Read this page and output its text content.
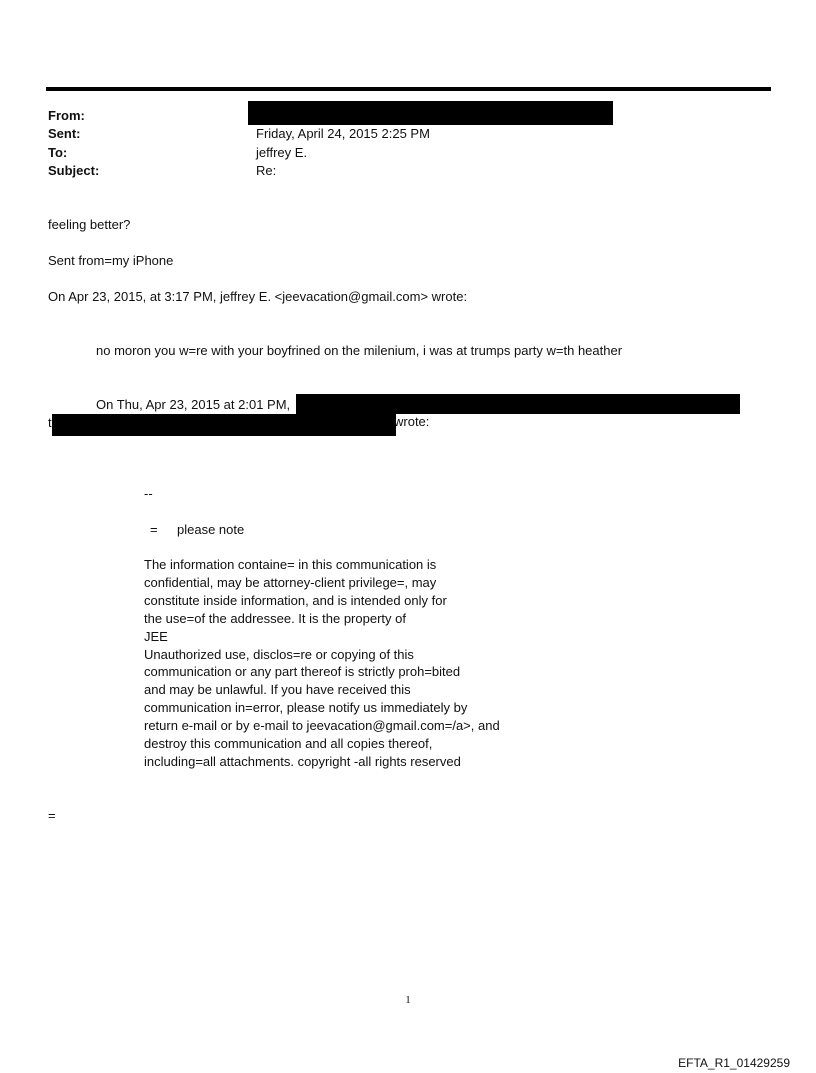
From:
Sent:	Friday, April 24, 2015 2:25 PM
To:	jeffrey E.
Subject:	Re:
feeling better?
Sent from=my iPhone
On Apr 23, 2015, at 3:17 PM, jeffrey E. <jeevacation@gmail.com> wrote:
no moron you w=re with your boyfrined on the milenium, i was at trumps party w=th heather
On Thu, Apr 23, 2015 at 2:01 PM,
t	wrote:
--
= please note
The information containe= in this communication is
confidential, may be attorney-client privilege=, may
constitute inside information, and is intended only for
the use=of the addressee. It is the property of
JEE
Unauthorized use, disclos=re or copying of this
communication or any part thereof is strictly proh=bited
and may be unlawful. If you have received this
communication in=error, please notify us immediately by
return e-mail or by e-mail to jeevacation@gmail.com=/a>, and
destroy this communication and all copies thereof,
including=all attachments. copyright -all rights reserved
=
1
EFTA_R1_01429259
